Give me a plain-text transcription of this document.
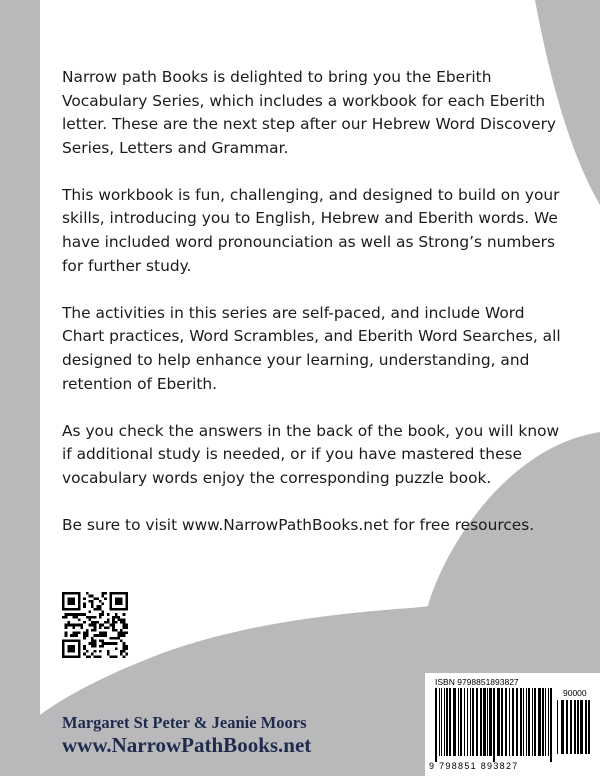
Copyrighted Material

Narrow path Books is delighted to bring you the Eberith Vocabulary Series, which includes a workbook for each Eberith letter. These are the next step after our Hebrew Word Discovery Series, Letters and Grammar.

This workbook is fun, challenging, and designed to build on your skills, introducing you to English, Hebrew and Eberith words. We have included word pronounciation as well as Strong’s numbers for further study.

The activities in this series are self-paced, and include Word Chart practices, Word Scrambles, and Eberith Word Searches, all designed to help enhance your learning, understanding, and retention of Eberith.

As you check the answers in the back of the book, you will know if additional study is needed, or if you have mastered these vocabulary words enjoy the corresponding puzzle book.

Be sure to visit www.NarrowPathBooks.net for free resources.

Margaret St Peter & Jeanie Moors
www.NarrowPathBooks.net
ISBN 9798851893827
90000
9 798851 893827
